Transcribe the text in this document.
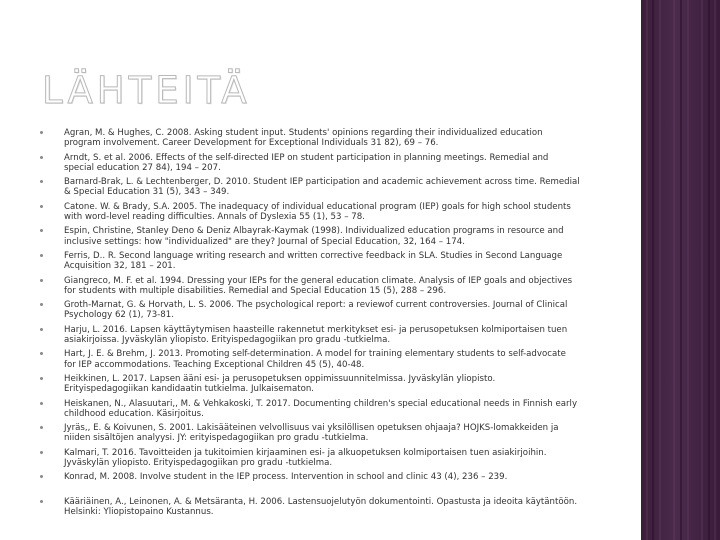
LÄHTEITÄ
Agran, M. & Hughes, C. 2008. Asking student input. Students' opinions regarding their individualized education program involvement. Career Development for Exceptional Individuals 31 82), 69 – 76.
Arndt, S. et al. 2006. Effects of the self-directed IEP on student participation in planning meetings. Remedial and special education 27 84), 194 – 207.
Barnard-Brak, L. & Lechtenberger, D. 2010. Student IEP participation and academic achievement across time. Remedial & Special Education 31 (5), 343 – 349.
Catone. W. & Brady, S.A. 2005. The inadequacy of individual educational program (IEP) goals for high school students with word-level reading difficulties. Annals of Dyslexia 55 (1), 53 – 78.
Espin, Christine, Stanley Deno & Deniz Albayrak-Kaymak (1998). Individualized education programs in resource and inclusive settings: how "individualized" are they? Journal of Special Education, 32, 164 – 174.
Ferris, D.. R. Second language writing research and written corrective feedback in SLA. Studies in Second Language Acquisition 32, 181 – 201.
Giangreco, M. F. et al. 1994. Dressing your IEPs for the general education climate. Analysis of IEP goals and objectives for students with multiple disabilities. Remedial and Special Education 15 (5), 288 – 296.
Groth-Marnat, G. & Horvath, L. S. 2006. The psychological report: a reviewof current controversies. Journal of Clinical Psychology 62 (1), 73-81.
Harju, L. 2016. Lapsen käyttäytymisen haasteille rakennetut merkitykset esi- ja perusopetuksen kolmiportaisen tuen asiakirjoissa. Jyväskylän yliopisto. Erityispedagogiikan pro gradu -tutkielma.
Hart, J. E. & Brehm, J. 2013. Promoting self-determination. A model for training elementary students to self-advocate for IEP accommodations. Teaching Exceptional Children 45 (5), 40-48.
Heikkinen, L. 2017. Lapsen ääni esi- ja perusopetuksen oppimissuunnitelmissa. Jyväskylän yliopisto. Erityispedagogiikan kandidaatin tutkielma. Julkaisematon.
Heiskanen, N., Alasuutari,, M. & Vehkakoski, T. 2017. Documenting children's special educational needs in Finnish early childhood education. Käsirjoitus.
Jyräs,, E. & Koivunen, S. 2001. Lakisääteinen velvollisuus vai yksilöllisen opetuksen ohjaaja? HOJKS-lomakkeiden ja niiden sisältöjen analyysi. JY: erityispedagogiikan pro gradu -tutkielma.
Kalmari, T. 2016. Tavoitteiden ja tukitoimien kirjaaminen esi- ja alkuopetuksen kolmiportaisen tuen asiakirjoihin. Jyväskylän yliopisto. Erityispedagogiikan pro gradu -tutkielma.
Konrad, M. 2008. Involve student in the IEP process. Intervention in school and clinic 43 (4), 236 – 239.
Kääriäinen, A., Leinonen, A. & Metsäranta, H. 2006. Lastensuojelutyön dokumentointi. Opastusta ja ideoita käytäntöön. Helsinki: Yliopistopaino Kustannus.
